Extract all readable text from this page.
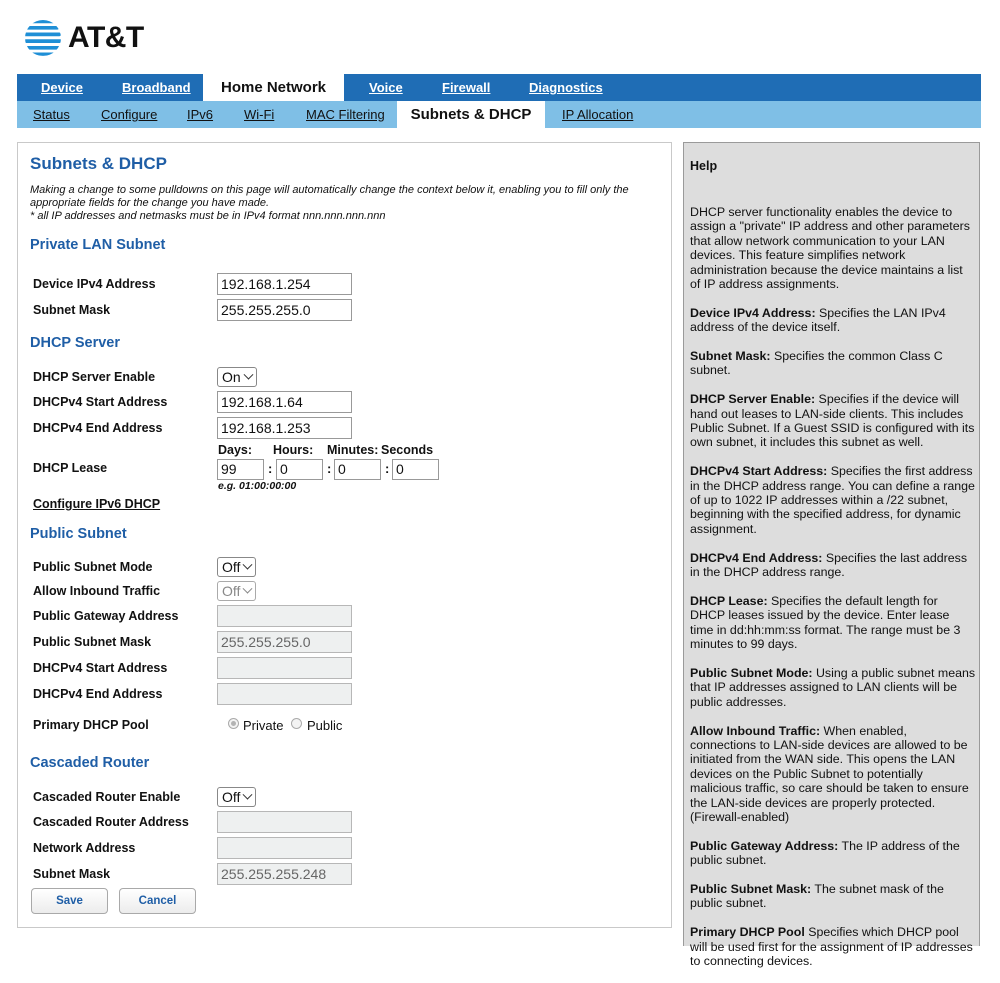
AT&T
Device	Broadband	Home Network	Voice	Firewall	Diagnostics
Status Configure IPv6 Wi-Fi MAC Filtering	Subnets & DHCP	IP Allocation
Subnets & DHCP
Making a change to some pulldowns on this page will automatically change the context below it, enabling you to fill only the appropriate fields for the change you have made.
* all IP addresses and netmasks must be in IPv4 format nnn.nnn.nnn.nnn
Private LAN Subnet
Device IPv4 Address	192.168.1.254
Subnet Mask	255.255.255.0
DHCP Server
DHCP Server Enable	On
DHCPv4 Start Address	192.168.1.64
DHCPv4 End Address	192.168.1.253
Days: Hours: Minutes: Seconds
DHCP Lease	99	: 0	: 0	: 0
e.g. 01:00:00:00
Configure IPv6 DHCP
Public Subnet
Public Subnet Mode	Off
Allow Inbound Traffic	Off
Public Gateway Address
Public Subnet Mask	255.255.255.0
DHCPv4 Start Address
DHCPv4 End Address
Primary DHCP Pool	Private Public
Cascaded Router
Cascaded Router Enable	Off
Cascaded Router Address
Network Address
Subnet Mask	255.255.255.248
Save	Cancel
Help

DHCP server functionality enables the device to assign a "private" IP address and other parameters that allow network communication to your LAN devices. This feature simplifies network administration because the device maintains a list of IP address assignments.

Device IPv4 Address: Specifies the LAN IPv4 address of the device itself.

Subnet Mask: Specifies the common Class C subnet.

DHCP Server Enable: Specifies if the device will hand out leases to LAN-side clients. This includes Public Subnet. If a Guest SSID is configured with its own subnet, it includes this subnet as well.

DHCPv4 Start Address: Specifies the first address in the DHCP address range. You can define a range of up to 1022 IP addresses within a /22 subnet, beginning with the specified address, for dynamic assignment.

DHCPv4 End Address: Specifies the last address in the DHCP address range.

DHCP Lease: Specifies the default length for DHCP leases issued by the device. Enter lease time in dd:hh:mm:ss format. The range must be 3 minutes to 99 days.

Public Subnet Mode: Using a public subnet means that IP addresses assigned to LAN clients will be public addresses.

Allow Inbound Traffic: When enabled, connections to LAN-side devices are allowed to be initiated from the WAN side. This opens the LAN devices on the Public Subnet to potentially malicious traffic, so care should be taken to ensure the LAN-side devices are properly protected. (Firewall-enabled)

Public Gateway Address: The IP address of the public subnet.

Public Subnet Mask: The subnet mask of the public subnet.

Primary DHCP Pool Specifies which DHCP pool will be used first for the assignment of IP addresses to connecting devices.
